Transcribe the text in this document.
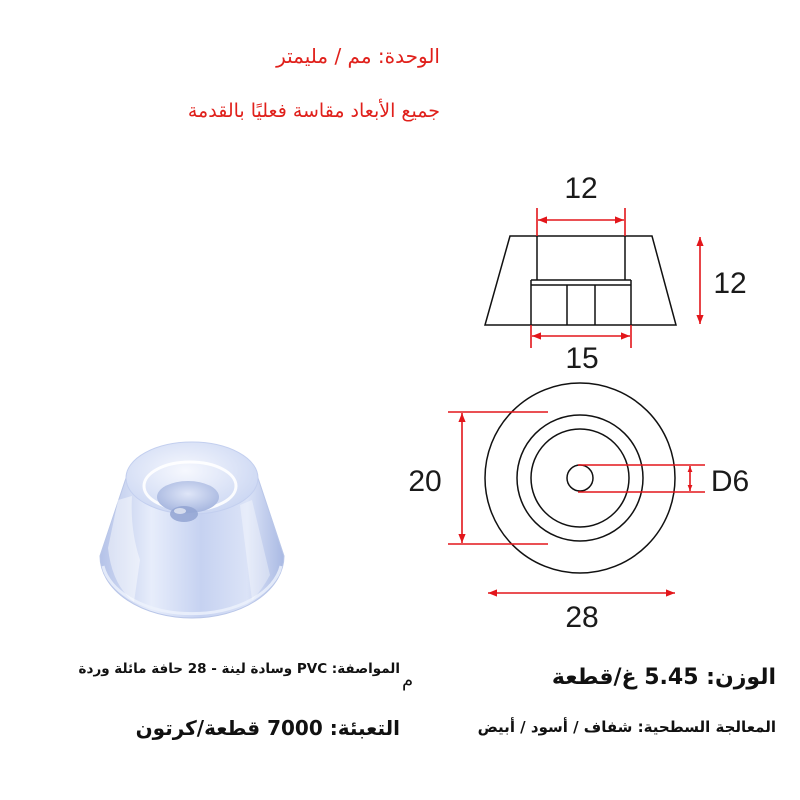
الوحدة: مم / مليمتر
جميع الأبعاد مقاسة فعليًا بالقدمة
12
12
15
20	D6
28
الوزن: 5.45 غ/قطعة
المواصفة: PVC وسادة لينة - 28 حافة مائلة وردة
م
المعالجة السطحية: شفاف / أسود / أبيض
التعبئة: 7000 قطعة/كرتون
